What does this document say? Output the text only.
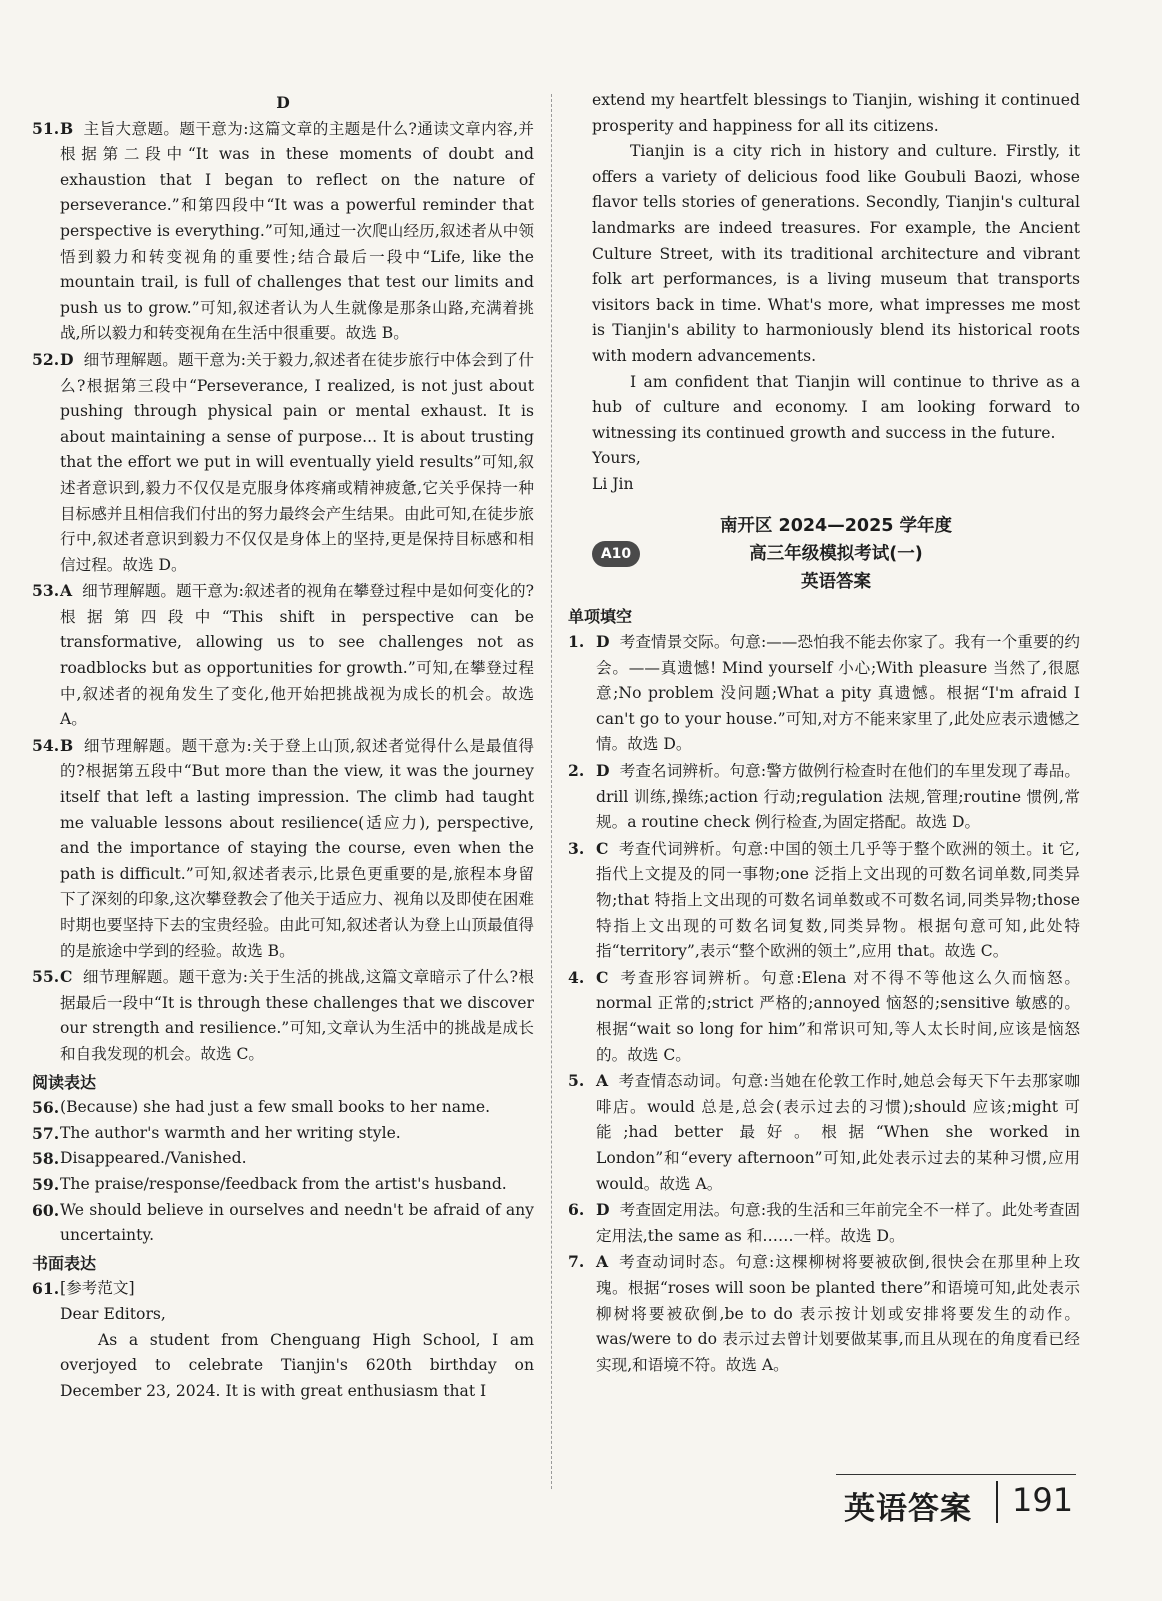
D

51. B 主旨大意题。题干意为:这篇文章的主题是什么?通读文章内容,并根据第二段中“It was in these moments of doubt and exhaustion that I began to reflect on the nature of perseverance.”和第四段中“It was a powerful reminder that perspective is everything.”可知,通过一次爬山经历,叙述者从中领悟到毅力和转变视角的重要性;结合最后一段中“Life, like the mountain trail, is full of challenges that test our limits and push us to grow.”可知,叙述者认为人生就像是那条山路,充满着挑战,所以毅力和转变视角在生活中很重要。故选 B。

52. D 细节理解题。题干意为:关于毅力,叙述者在徒步旅行中体会到了什么?根据第三段中“Perseverance, I realized, is not just about pushing through physical pain or mental exhaust. It is about maintaining a sense of purpose... It is about trusting that the effort we put in will eventually yield results”可知,叙述者意识到,毅力不仅仅是克服身体疼痛或精神疲惫,它关乎保持一种目标感并且相信我们付出的努力最终会产生结果。由此可知,在徒步旅行中,叙述者意识到毅力不仅仅是身体上的坚持,更是保持目标感和相信过程。故选 D。

53. A 细节理解题。题干意为:叙述者的视角在攀登过程中是如何变化的?根据第四段中“This shift in perspective can be transformative, allowing us to see challenges not as roadblocks but as opportunities for growth.”可知,在攀登过程中,叙述者的视角发生了变化,他开始把挑战视为成长的机会。故选 A。

54. B 细节理解题。题干意为:关于登上山顶,叙述者觉得什么是最值得的?根据第五段中“But more than the view, it was the journey itself that left a lasting impression. The climb had taught me valuable lessons about resilience(适应力), perspective, and the importance of staying the course, even when the path is difficult.”可知,叙述者表示,比景色更重要的是,旅程本身留下了深刻的印象,这次攀登教会了他关于适应力、视角以及即使在困难时期也要坚持下去的宝贵经验。由此可知,叙述者认为登上山顶最值得的是旅途中学到的经验。故选 B。

55. C 细节理解题。题干意为:关于生活的挑战,这篇文章暗示了什么?根据最后一段中“It is through these challenges that we discover our strength and resilience.”可知,文章认为生活中的挑战是成长和自我发现的机会。故选 C。

阅读表达

56. (Because) she had just a few small books to her name.

57. The author's warmth and her writing style.

58. Disappeared./Vanished.

59. The praise/response/feedback from the artist's husband.

60. We should believe in ourselves and needn't be afraid of any uncertainty.

书面表达

61. [参考范文]

Dear Editors,

As a student from Chenguang High School, I am overjoyed to celebrate Tianjin's 620th birthday on December 23, 2024. It is with great enthusiasm that I

extend my heartfelt blessings to Tianjin, wishing it continued prosperity and happiness for all its citizens.

Tianjin is a city rich in history and culture. Firstly, it offers a variety of delicious food like Goubuli Baozi, whose flavor tells stories of generations. Secondly, Tianjin's cultural landmarks are indeed treasures. For example, the Ancient Culture Street, with its traditional architecture and vibrant folk art performances, is a living museum that transports visitors back in time. What's more, what impresses me most is Tianjin's ability to harmoniously blend its historical roots with modern advancements.

I am confident that Tianjin will continue to thrive as a hub of culture and economy. I am looking forward to witnessing its continued growth and success in the future.

Yours,

Li Jin

A10
南开区 2024—2025 学年度
高三年级模拟考试(一)
英语答案

单项填空

1. D 考查情景交际。句意:——恐怕我不能去你家了。我有一个重要的约会。——真遗憾! Mind yourself 小心;With pleasure 当然了,很愿意;No problem 没问题;What a pity 真遗憾。根据“I'm afraid I can't go to your house.”可知,对方不能来家里了,此处应表示遗憾之情。故选 D。

2. D 考查名词辨析。句意:警方做例行检查时在他们的车里发现了毒品。drill 训练,操练;action 行动;regulation 法规,管理;routine 惯例,常规。a routine check 例行检查,为固定搭配。故选 D。

3. C 考查代词辨析。句意:中国的领土几乎等于整个欧洲的领土。it 它,指代上文提及的同一事物;one 泛指上文出现的可数名词单数,同类异物;that 特指上文出现的可数名词单数或不可数名词,同类异物;those 特指上文出现的可数名词复数,同类异物。根据句意可知,此处特指“territory”,表示“整个欧洲的领土”,应用 that。故选 C。

4. C 考查形容词辨析。句意:Elena 对不得不等他这么久而恼怒。normal 正常的;strict 严格的;annoyed 恼怒的;sensitive 敏感的。根据“wait so long for him”和常识可知,等人太长时间,应该是恼怒的。故选 C。

5. A 考查情态动词。句意:当她在伦敦工作时,她总会每天下午去那家咖啡店。would 总是,总会(表示过去的习惯);should 应该;might 可能;had better 最好。根据“When she worked in London”和“every afternoon”可知,此处表示过去的某种习惯,应用 would。故选 A。

6. D 考查固定用法。句意:我的生活和三年前完全不一样了。此处考查固定用法,the same as 和……一样。故选 D。

7. A 考查动词时态。句意:这棵柳树将要被砍倒,很快会在那里种上玫瑰。根据“roses will soon be planted there”和语境可知,此处表示柳树将要被砍倒,be to do 表示按计划或安排将要发生的动作。was/were to do 表示过去曾计划要做某事,而且从现在的角度看已经实现,和语境不符。故选 A。

英语答案 191
